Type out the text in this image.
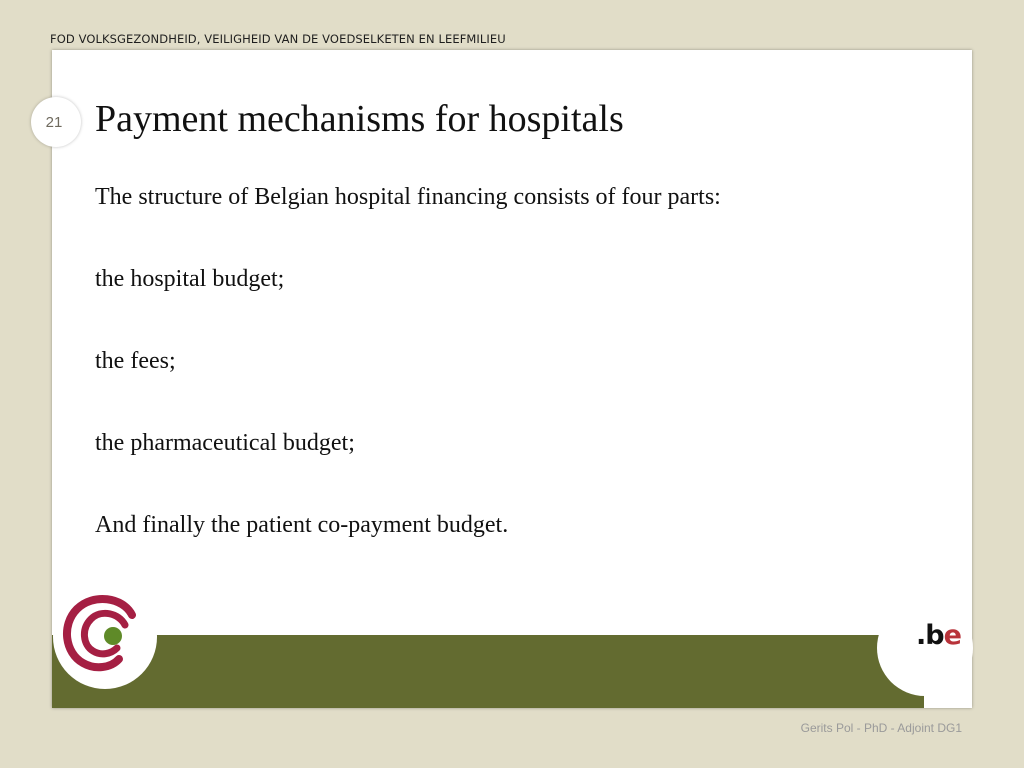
FOD VOLKSGEZONDHEID, VEILIGHEID VAN DE VOEDSELKETEN EN LEEFMILIEU
21 Payment mechanisms for hospitals
The structure of Belgian hospital financing consists of four parts:
the hospital budget;
the fees;
the pharmaceutical budget;
And finally the patient co-payment budget.
.be
Gerits Pol - PhD - Adjoint DG1
